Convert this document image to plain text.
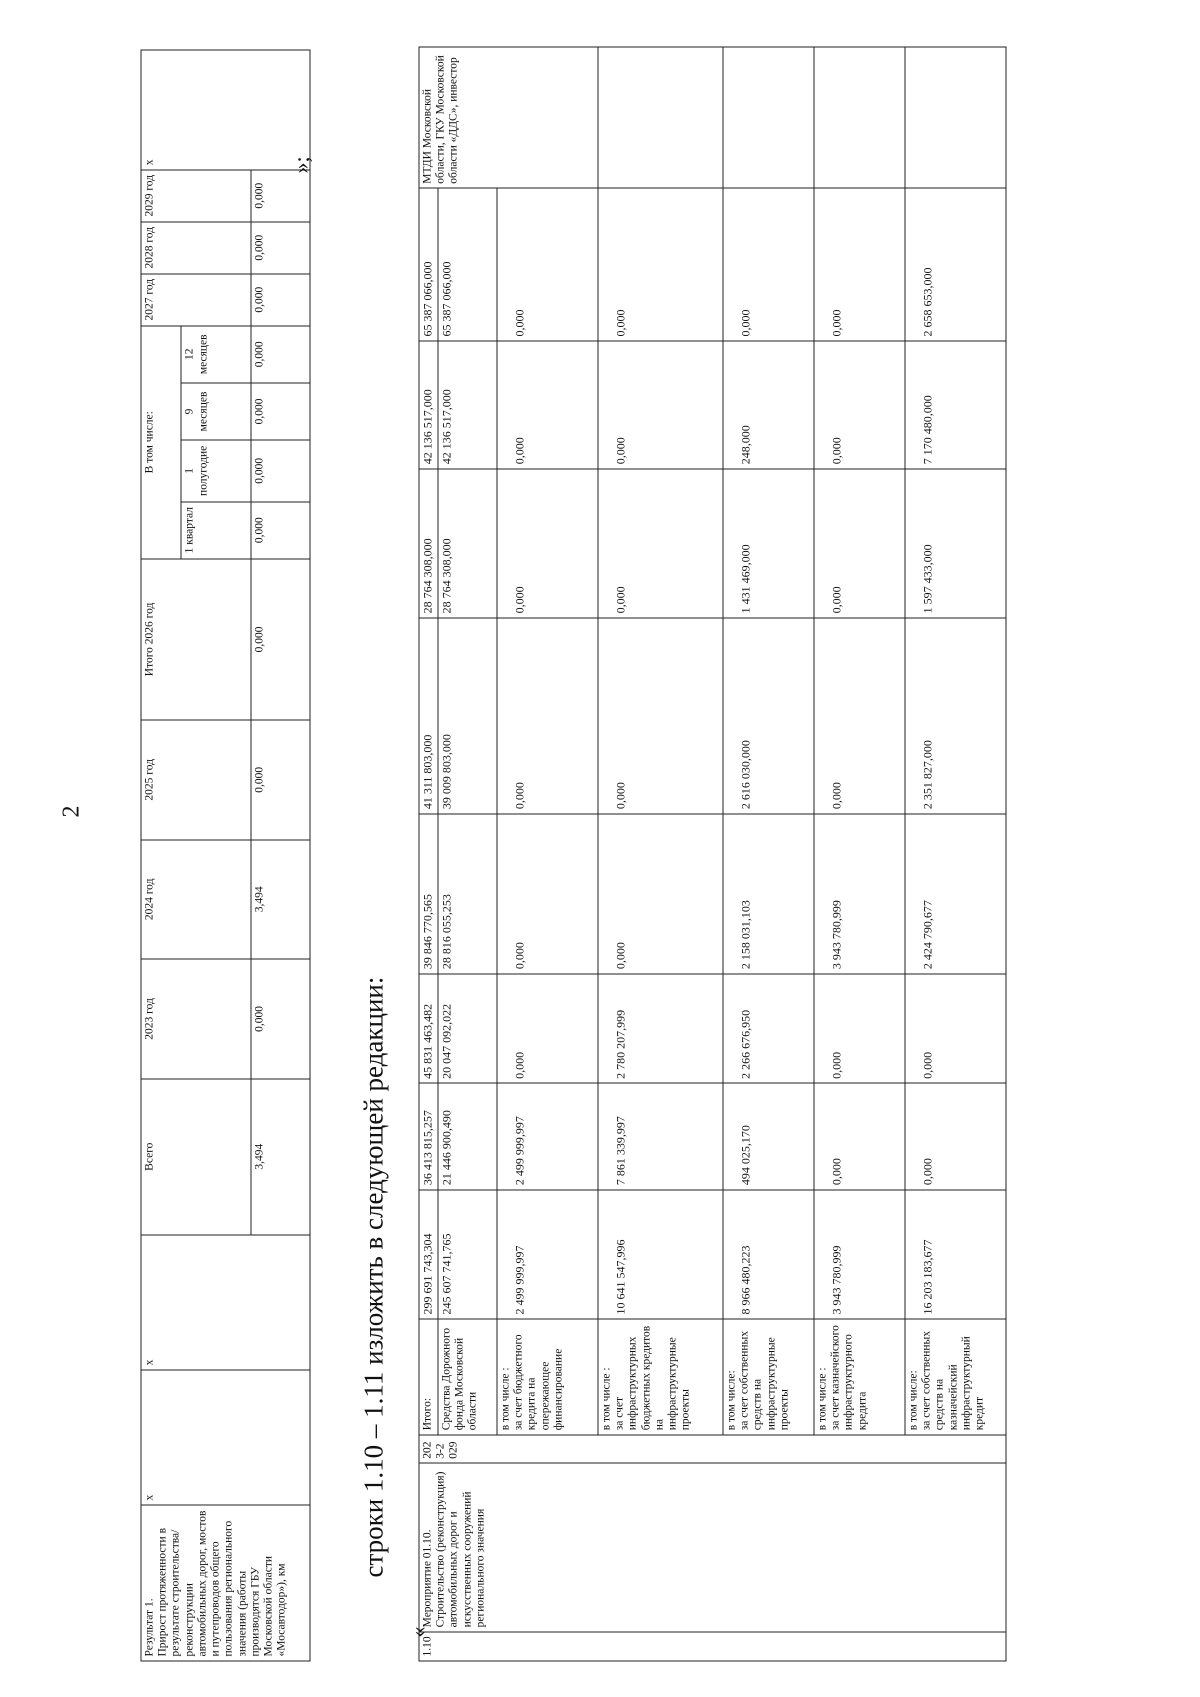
2
Результат 1.
Прирост протяженности в результате строительства/ реконструкции автомобильных дорог, мостов и путепроводов общего пользования регионального значения (работы производятся ГБУ Московской области «Мосавтодор»), км	х	х	Всего	2023 год	2024 год	2025 год	Итого 2026 год	В том числе:				2027 год	2028 год	2029 год	х
								1 квартал	1 полугодие	9 месяцев	12 месяцев				
			3,494	0,000	3,494	0,000	0,000	0,000	0,000	0,000	0,000	0,000	0,000	0,000	
»;
строки 1.10 – 1.11 изложить в следующей редакции:
«
1.10	Мероприятие 01.10. Строительство (реконструкция) автомобильных дорог и искусственных сооружений регионального значения	2023-2029	Итого:	299 691 743,304	36 413 815,257	45 831 463,482	39 846 770,565	41 311 803,000	28 764 308,000	42 136 517,000	65 387 066,000	МТДИ Московской области, ГКУ Московской области «ДДС», инвестор
			Средства Дорожного фонда Московской области	245 607 741,765	21 446 900,490	20 047 092,022	28 816 055,253	39 009 803,000	28 764 308,000	42 136 517,000	65 387 066,000	
			в том числе :
за счет бюджетного кредита на опережающее финансирование	2 499 999,997	2 499 999,997	0,000	0,000	0,000	0,000	0,000	0,000	
			в том числе :
за счет инфраструктурных бюджетных кредитов на инфраструктурные проекты	10 641 547,996	7 861 339,997	2 780 207,999	0,000	0,000	0,000	0,000	0,000	
			в том числе:
за счет собственных средств на инфраструктурные проекты	8 966 480,223	494 025,170	2 266 676,950	2 158 031,103	2 616 030,000	1 431 469,000	248,000	0,000	
			в том числе :
за счет казначейского инфраструктурного кредита	3 943 780,999	0,000	0,000	3 943 780,999	0,000	0,000	0,000	0,000	
			в том числе:
за счет собственных средств на казначейский инфраструктурный кредит	16 203 183,677	0,000	0,000	2 424 790,677	2 351 827,000	1 597 433,000	7 170 480,000	2 658 653,000	
